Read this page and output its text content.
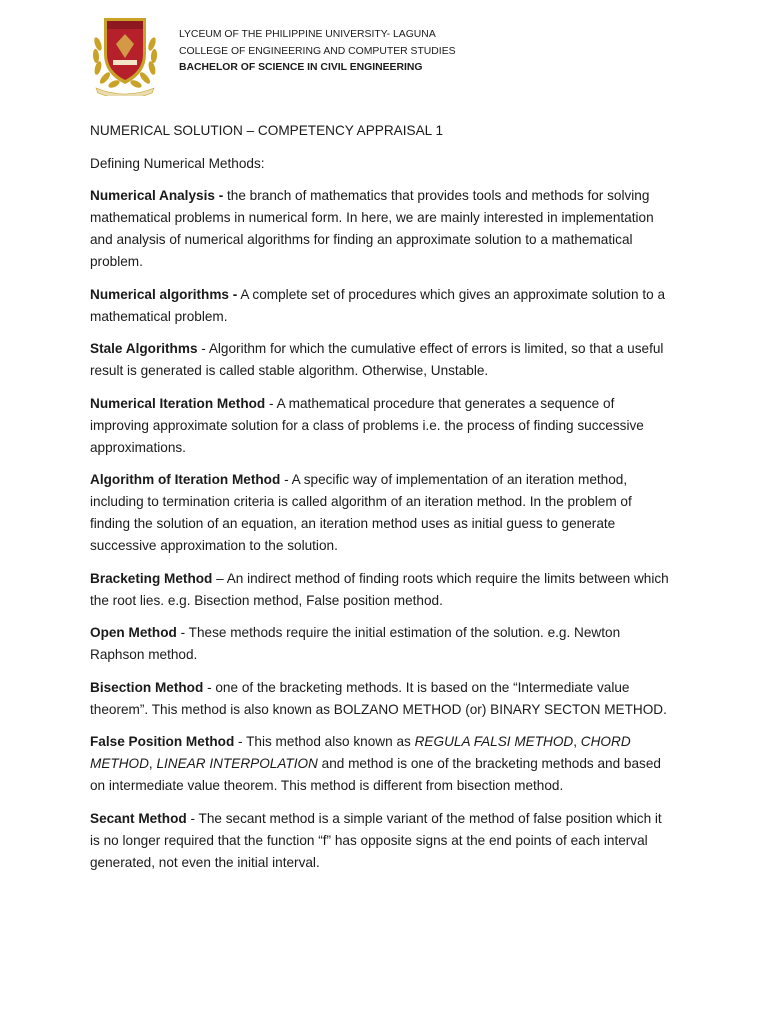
LYCEUM OF THE PHILIPPINE UNIVERSITY- LAGUNA
COLLEGE OF ENGINEERING AND COMPUTER STUDIES
BACHELOR OF SCIENCE IN CIVIL ENGINEERING

NUMERICAL SOLUTION – COMPETENCY APPRAISAL 1

Defining Numerical Methods:

Numerical Analysis - the branch of mathematics that provides tools and methods for solving mathematical problems in numerical form. In here, we are mainly interested in implementation and analysis of numerical algorithms for finding an approximate solution to a mathematical problem.

Numerical algorithms - A complete set of procedures which gives an approximate solution to a mathematical problem.

Stale Algorithms - Algorithm for which the cumulative effect of errors is limited, so that a useful result is generated is called stable algorithm. Otherwise, Unstable.

Numerical Iteration Method - A mathematical procedure that generates a sequence of improving approximate solution for a class of problems i.e. the process of finding successive approximations.

Algorithm of Iteration Method - A specific way of implementation of an iteration method, including to termination criteria is called algorithm of an iteration method. In the problem of finding the solution of an equation, an iteration method uses as initial guess to generate successive approximation to the solution.

Bracketing Method – An indirect method of finding roots which require the limits between which the root lies. e.g. Bisection method, False position method.

Open Method - These methods require the initial estimation of the solution. e.g. Newton Raphson method.

Bisection Method - one of the bracketing methods. It is based on the “Intermediate value theorem”. This method is also known as BOLZANO METHOD (or) BINARY SECTON METHOD.

False Position Method - This method also known as REGULA FALSI METHOD, CHORD METHOD, LINEAR INTERPOLATION and method is one of the bracketing methods and based on intermediate value theorem. This method is different from bisection method.

Secant Method - The secant method is a simple variant of the method of false position which it is no longer required that the function “f” has opposite signs at the end points of each interval generated, not even the initial interval.
